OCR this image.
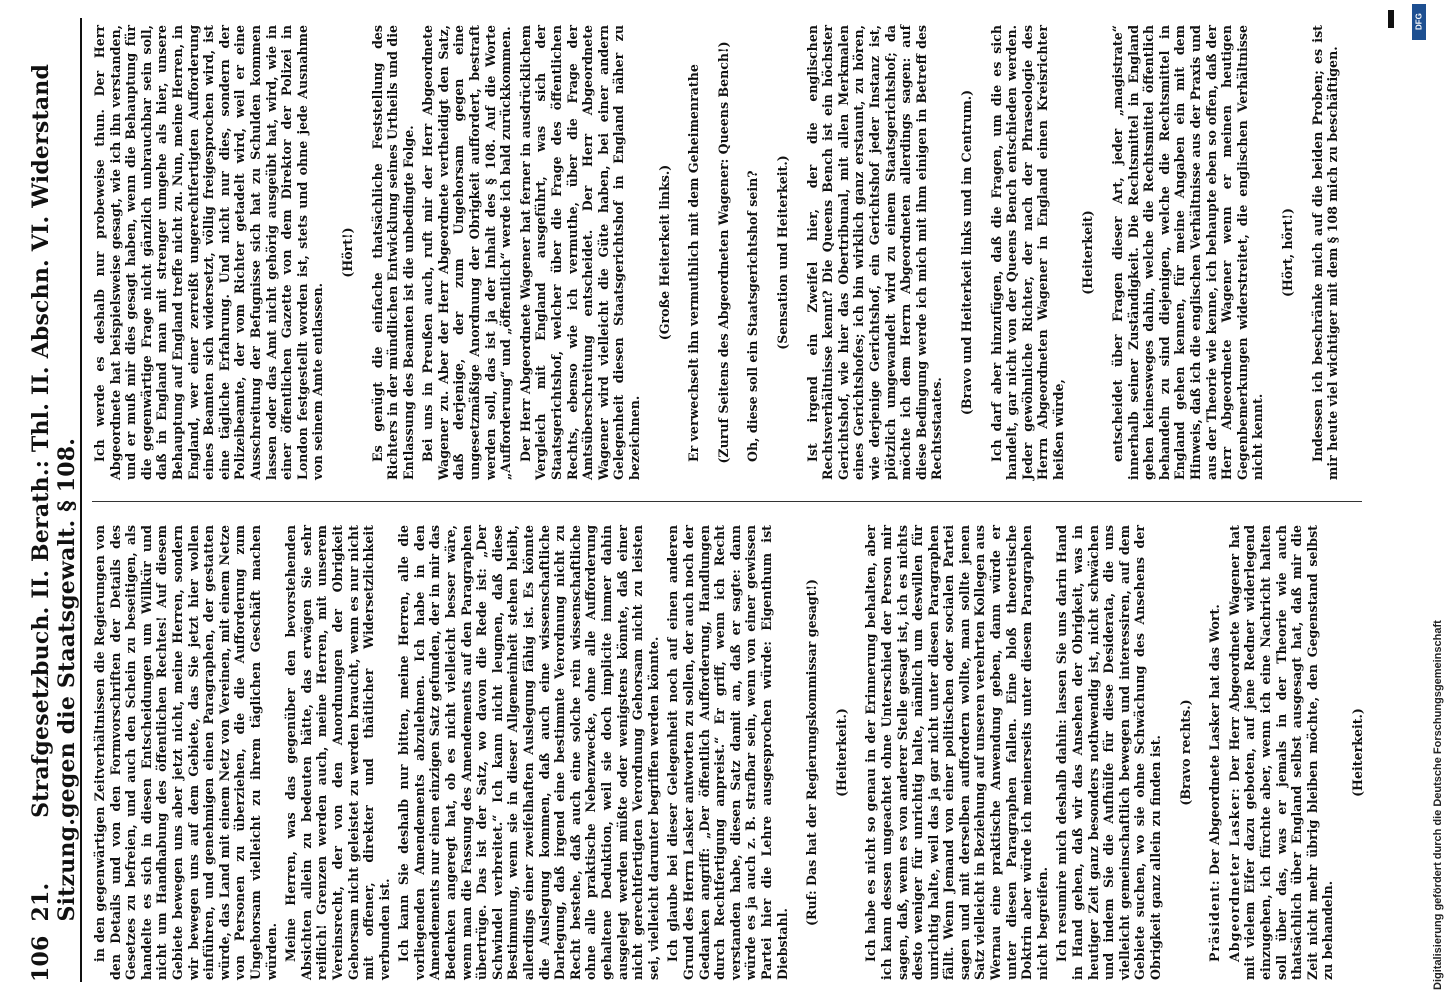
106
21. Sitzung.
Strafgesetzbuch. II. Berath.: Thl. II. Abschn. VI. Widerstand gegen die Staatsgewalt. § 108. in den gegenwärtigen Zeitverhältnissen die Regierungen von den Details und von den Formvorschriften der Details des Gesetzes zu befreien, und auch den Schein zu beseitigen, als handelte es sich in diesen Entscheidungen um Willkür und nicht um Handhabung des öffentlichen Rechtes! Auf diesem Gebiete bewegen uns aber jetzt nicht, meine Herren, sondern wir bewegen uns auf dem Gebiete, das Sie jetzt hier wollen einführen, und genehmigen einen Paragraphen, der gestatten würde, das Land mit einem Netz von Vereinen, mit einem Netze von Personen zu überziehen, die die Aufforderung zum Ungehorsam vielleicht zu ihrem täglichen Geschäft machen würden. Meine Herren, was das gegenüber den bevorstehenden Absichten allein zu bedeuten hätte, das erwägen Sie sehr reiflich! Grenzen werden auch, meine Herren, mit unserem Vereinsrecht, der von den Anordnungen der Obrigkeit Gehorsam nicht geleistet zu werden braucht, wenn es nur nicht mit offener, direkter und thätlicher Widersetzlichkeit verbunden ist. Ich kann Sie deshalb nur bitten, meine Herren, alle die vorliegenden Amendements abzulehnen. Ich habe in den Amendements nur einen einzigen Satz gefunden, der in mir das Bedenken angeregt hat, ob es nicht vielleicht besser wäre, wenn man die Fassung des Amendements auf den Paragraphen übertrüge. Das ist der Satz, wo davon die Rede ist: „Der Schwindel verbreitet.“ Ich kann nicht leugnen, daß diese Bestimmung, wenn sie in dieser Allgemeinheit stehen bleibt, allerdings einer zweifelhaften Auslegung fähig ist. Es könnte die Auslegung kommen, daß auch eine wissenschaftliche Darlegung, daß irgend eine bestimmte Verordnung nicht zu Recht bestehe, daß auch eine solche rein wissenschaftliche ohne alle praktische Nebenzwecke, ohne alle Aufforderung gehaltene Deduktion, weil sie doch implicite immer dahin ausgelegt werden müßte oder wenigstens könnte, daß einer nicht gerechtfertigten Verordnung Gehorsam nicht zu leisten sei, vielleicht darunter begriffen werden könnte. Ich glaube bei dieser Gelegenheit noch auf einen anderen Grund des Herrn Lasker antworten zu sollen, der auch noch der Gedanken angriff: „Der öffentlich Aufforderung, Handlungen durch Rechtfertigung anpreist.“ Er griff, wenn ich Recht verstanden habe, diesen Satz damit an, daß er sagte: dann würde es ja auch z. B. strafbar sein, wenn von einer gewissen Partei hier die Lehre ausgesprochen würde: Eigenthum ist Diebstahl.

(Ruf: Das hat der Regierungskommissar gesagt!) (Heiterkeit.) Ich habe es nicht so genau in der Erinnerung behalten, aber ich kann dessen ungeachtet ohne Unterschied der Person mir sagen, daß, wenn es von anderer Stelle gesagt ist, ich es nichts desto weniger für unrichtig halte, nämlich um deswillen für unrichtig halte, weil das ja gar nicht unter diesen Paragraphen fällt. Wenn Jemand von einer politischen oder socialen Partei sagen und mit derselben auffordern wollte, man sollte jenen Satz vielleicht in Beziehung auf unseren verehrten Kollegen aus Wernau eine praktische Anwendung geben, dann würde er unter diesen Paragraphen fallen. Eine bloß theoretische Doktrin aber würde ich meinerseits unter diesem Paragraphen nicht begreifen. Ich resumire mich deshalb dahin: lassen Sie uns darin Hand in Hand gehen, daß wir das Ansehen der Obrigkeit, was in heutiger Zeit ganz besonders nothwendig ist, nicht schwächen und indem Sie die Aufhülfe für diese Desiderata, die uns vielleicht gemeinschaftlich bewegen und interessiren, auf dem Gebiete suchen, wo sie ohne Schwächung des Ansehens der Obrigkeit ganz allein zu finden ist. (Bravo rechts.)

Präsident: Der Abgeordnete Lasker hat das Wort. Abgeordneter Lasker: Der Herr Abgeordnete Wagener hat mit vielem Eifer dazu geboten, auf jene Redner widerlegend einzugehen, ich fürchte aber, wenn ich eine Nachricht halten soll über das, was er jemals in der Theorie wie auch thatsächlich über England selbst ausgesagt hat, daß mir die Zeit nicht mehr übrig bleiben möchte, den Gegenstand selbst zu behandeln.

(Heiterkeit.)

Ich werde es deshalb nur probeweise thun. Der Herr Abgeordnete hat beispielsweise gesagt, wie ich ihn verstanden, und er muß mir dies gesagt haben, wenn die Behauptung für die gegenwärtige Frage nicht gänzlich unbrauchbar sein soll, daß in England man mit strenger umgehe als hier, unsere Behauptung auf England treffe nicht zu. Nun, meine Herren, in England, wer einer zerreißt ungerechtfertigten Aufforderung eines Beamten sich widersetzt, völlig freigesprochen wird, ist eine tägliche Erfahrung. Und nicht nur dies, sondern der Polizeibeamte, der vom Richter getadelt wird, weil er eine Ausschreitung der Befugnisse sich hat zu Schulden kommen lassen oder das Amt nicht gehörig ausgeübt hat, wird, wie in einer öffentlichen Gazette von dem Direktor der Polizei in London festgestellt worden ist, stets und ohne jede Ausnahme von seinem Amte entlassen.

(Hört!) Es genügt die einfache thatsächliche Feststellung des Richters in der mündlichen Entwicklung seines Urtheils und die Entlassung des Beamten ist die unbedingte Folge. Bei uns in Preußen auch, ruft mir der Herr Abgeordnete Wagener zu. Aber der Herr Abgeordnete vertheidigt den Satz, daß derjenige, der zum Ungehorsam gegen eine ungesetzmäßige Anordnung der Obrigkeit auffordert, bestraft werden soll, das ist ja der Inhalt des § 108. Auf die Worte „Aufforderung“ und „öffentlich“ werde ich bald zurückkommen. Der Herr Abgeordnete Wagener hat ferner in ausdrücklichem Vergleich mit England ausgeführt, was sich der Staatsgerichtshof, welcher über die Frage des öffentlichen Rechts, ebenso wie ich vermuthe, über die Frage der Amtsüberschreitung entscheidet. Der Herr Abgeordnete Wagener wird vielleicht die Güte haben, bei einer andern Gelegenheit diesen Staatsgerichtshof in England näher zu bezeichnen.

(Große Heiterkeit links.) Er verwechselt ihn vermuthlich mit dem Geheimenrathe (Zuruf Seitens des Abgeordneten Wagener: Queens Bench!) Oh, diese soll ein Staatsgerichtshof sein? (Sensation und Heiterkeit.) Ist irgend ein Zweifel hier, der die englischen Rechtsverhältnisse kennt? Die Queens Bench ist ein höchster Gerichtshof, wie hier das Obertribunal, mit allen Merkmalen eines Gerichtshofes; ich bin wirklich ganz erstaunt, zu hören, wie derjenige Gerichtshof, ein Gerichtshof jeder Instanz ist, plötzlich umgewandelt wird zu einem Staatsgerichtshof; da möchte ich dem Herrn Abgeordneten allerdings sagen: auf diese Bedingung werde ich mich mit ihm einigen in Betreff des Rechtsstaates.

(Bravo und Heiterkeit links und im Centrum.) Ich darf aber hinzufügen, daß die Fragen, um die es sich handelt, gar nicht von der Queens Bench entschieden werden. Jeder gewöhnliche Richter, der nach der Phraseologie des Herrn Abgeordneten Wagener in England einen Kreisrichter heißen würde,

(Heiterkeit) entscheidet über Fragen dieser Art, jeder „magistrate“ innerhalb seiner Zuständigkeit. Die Rechtsmittel in England gehen keinesweges dahin, welche die Rechtsmittel öffentlich behandeln zu sind diejenigen, welche die Rechtsmittel in England gehen kennen, für meine Angaben ein mit dem Hinweis, daß ich die englischen Verhältnisse aus der Praxis und aus der Theorie wie kenne, ich behaupte eben so offen, daß der Herr Abgeordnete Wagener wenn er meinen heutigen Gegenbemerkungen widerstreitet, die englischen Verhältnisse nicht kennt.

(Hört, hört!) Indessen ich beschränke mich auf die beiden Proben; es ist mir heute viel wichtiger mit dem § 108 mich zu beschäftigen.

Digitalisierung gefördert durch die Deutsche Forschungsgemeinschaft
DFG
